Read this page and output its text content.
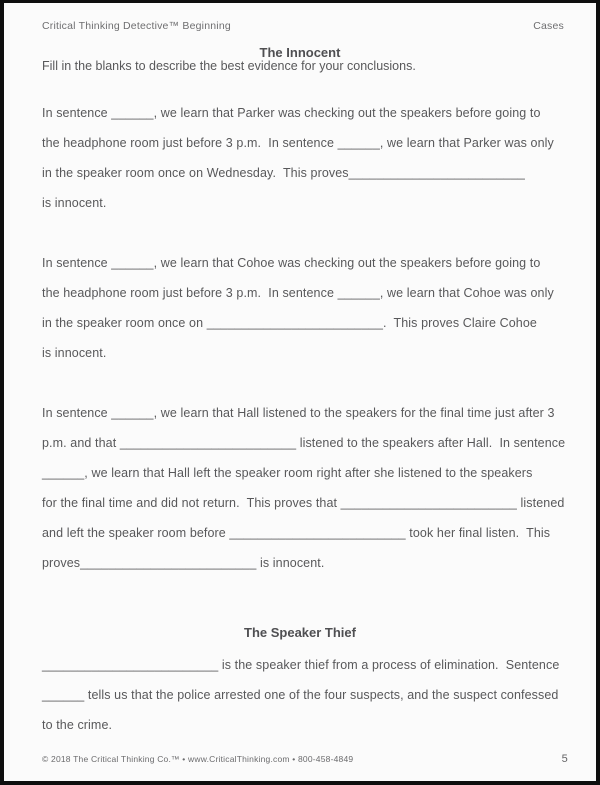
Critical Thinking Detective™ Beginning	Cases
The Innocent
Fill in the blanks to describe the best evidence for your conclusions.
In sentence ______, we learn that Parker was checking out the speakers before going to
the headphone room just before 3 p.m.  In sentence ______, we learn that Parker was only
in the speaker room once on Wednesday.  This proves_________________________
is innocent.
In sentence ______, we learn that Cohoe was checking out the speakers before going to
the headphone room just before 3 p.m.  In sentence ______, we learn that Cohoe was only
in the speaker room once on _________________________.  This proves Claire Cohoe
is innocent.
In sentence ______, we learn that Hall listened to the speakers for the final time just after 3
p.m. and that _________________________ listened to the speakers after Hall.  In sentence
______, we learn that Hall left the speaker room right after she listened to the speakers
for the final time and did not return.  This proves that _________________________ listened
and left the speaker room before _________________________ took her final listen.  This
proves_________________________ is innocent.
The Speaker Thief
_________________________ is the speaker thief from a process of elimination.  Sentence
______ tells us that the police arrested one of the four suspects, and the suspect confessed
to the crime.
© 2018 The Critical Thinking Co.™ • www.CriticalThinking.com • 800-458-4849	5
